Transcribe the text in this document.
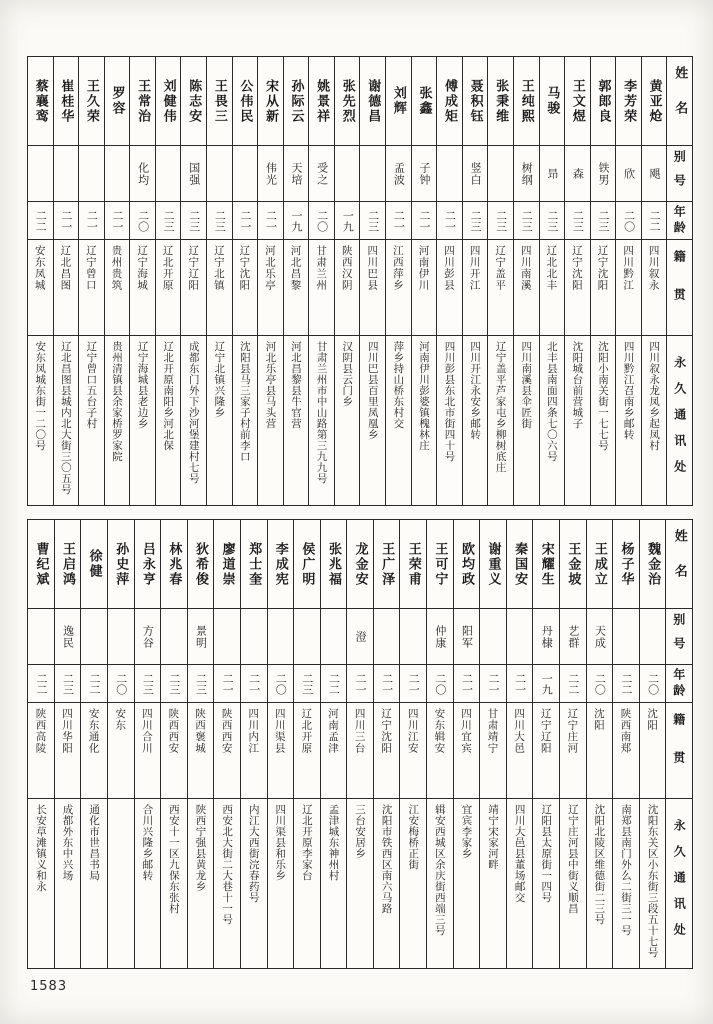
姓名
别号
年龄
籍贯
永久通讯处
黄亚炝
飓
二二
四川叙永
四川叙永龙凤乡起凤村
李芳荣
欣
二〇
四川黔江
四川黔江召南乡邮转
郭郎良
铁男
二三
辽宁沈阳
沈阳小南关街一七七号
王文煜
森
二三
辽宁沈阳
沈阳城台前营城子
马骏
昻
二三
辽北北丰
北丰县南面四条七〇六号
王纯熙
树纲
二三
四川南溪
四川南溪县伞匠街
张秉维
二三
辽宁盖平
辽宁盖平芦家屯乡柳树底庄
聂积钰
竖白
二三
四川开江
四川开江永安乡邮转
傅成矩
二一
四川彭县
四川彭县东北市街四十号
张鑫
子钟
二一
河南伊川
河南伊川彭婆镇槐林庄
刘辉
孟波
二一
江西萍乡
萍乡持山桥东村交
谢德昌
二三
四川巴县
四川巴县百里凤凰乡
张先烈
一九
陕西汉阴
汉阴县云门乡
姚景祥
受之
二〇
甘肃兰州
甘肃兰州市中山路第三九九号
孙际云
天培
一九
河北昌黎
河北昌黎县牛官营
宋从新
伟光
二一
河北乐亭
河北乐亭县马头营
公伟民
二一
辽宁沈阳
沈阳县马三家子村前李口
王畏三
二三
辽宁北镇
辽宁北镇兴隆乡
陈志安
国强
二三
辽宁辽阳
成都东门外下沙河堡建村七号
刘健伟
二三
辽北开原
辽北开原南阳乡河北保
王常治
化均
二〇
辽宁海城
辽宁海城县老边乡
罗容
二一
贵州贵筑
贵州清镇县余家桥罗家院
王久荣
二一
辽宁曾口
辽宁曾口五台子村
崔桂华
二一
辽北昌图
辽北昌图县城内北大街三〇五号
蔡襄鸾
二二
安东凤城
安东凤城东街一二〇号
姓名
别号
年龄
籍贯
永久通讯处
魏金治
二〇
沈阳
沈阳东关区小东街三段五十七号
杨子华
二二
陕西南郑
南郑县南门外么二街三一号
王成立
天成
二〇
沈阳
沈阳北陵区维德街二三号
王金坡
艺群
二二
辽宁庄河
辽宁庄河县中街义顺昌
宋耀生
丹棣
一九
辽宁辽阳
辽阳县太原街一四号
秦国安
二一
四川大邑
四川大邑县董场邮交
谢重义
二一
甘肃靖宁
靖宁宋家河畔
欧均政
阳军
二一
四川宜宾
宜宾李家乡
王可宁
仲康
二〇
安东辑安
辑安西城区余庆街西端三号
王荣甫
二一
四川江安
江安梅桥正街
王广泽
二一
辽宁沈阳
沈阳市铁西区南六马路
龙金安
澄
二一
四川三台
三台安居乡
张兆福
二二
河南孟津
孟津城东神州村
侯广明
二三
辽北开原
辽北开原李家台
李成宪
二〇
四川渠县
四川渠县和乐乡
郑士奎
二一
四川内江
内江大西街浣春药号
廖道崇
二一
陕西西安
西安北大街二大巷十一号
狄希俊
景明
二三
陕西褒城
陕西宁强县黄龙乡
林兆春
二三
陕西西安
西安十一区九保东张村
吕永亨
方谷
二三
四川合川
合川兴隆乡邮转
孙史萍
二〇
安东
徐健
二二
安东通化
通化市世昌书局
王启鸿
逸民
二三
四川华阳
成都外东中兴场
曹纪斌
二二
陕西高陵
长安草滩镇义和永
1583
